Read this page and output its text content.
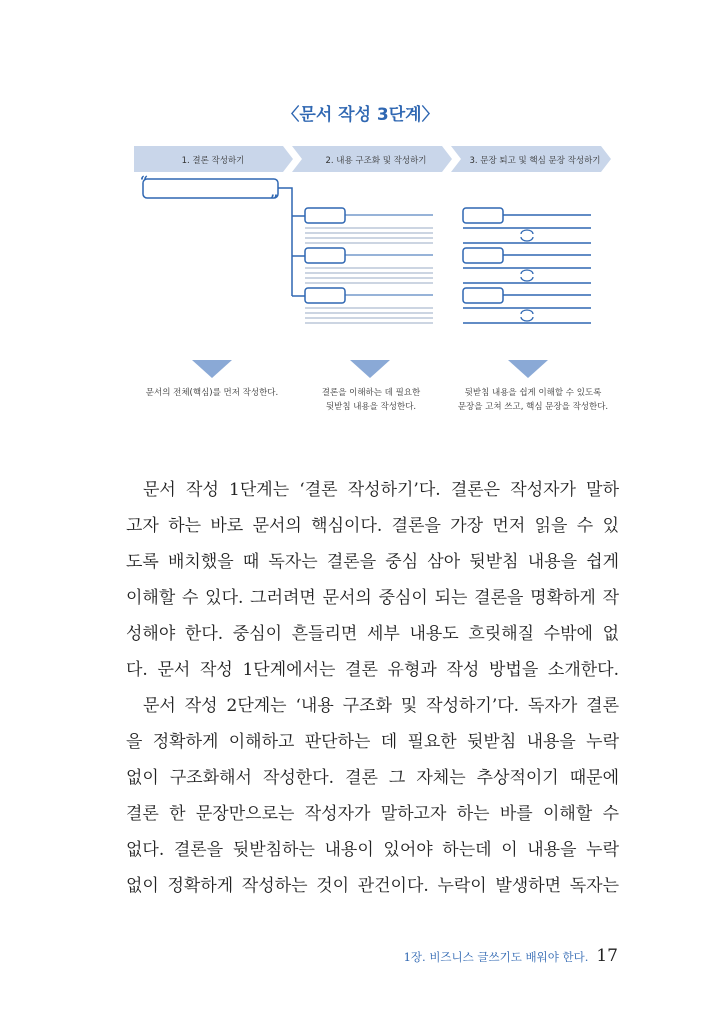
〈문서 작성 3단계〉
1. 결론 작성하기	2. 내용 구조화 및 작성하기	3. 문장 퇴고 및 핵심 문장 작성하기
“
”
문서의 전체(핵심)를 먼저 작성한다.	결론을 이해하는 데 필요한
뒷받침 내용을 작성한다.
뒷받침 내용을 쉽게 이해할 수 있도록
문장을 고쳐 쓰고, 핵심 문장을 작성한다.
문서 작성 1단계는 ‘결론 작성하기’다. 결론은 작성자가 말하
고자 하는 바로 문서의 핵심이다. 결론을 가장 먼저 읽을 수 있
도록 배치했을 때 독자는 결론을 중심 삼아 뒷받침 내용을 쉽게
이해할 수 있다. 그러려면 문서의 중심이 되는 결론을 명확하게 작
성해야 한다. 중심이 흔들리면 세부 내용도 흐릿해질 수밖에 없
다. 문서 작성 1단계에서는 결론 유형과 작성 방법을 소개한다.
문서 작성 2단계는 ‘내용 구조화 및 작성하기’다. 독자가 결론
을 정확하게 이해하고 판단하는 데 필요한 뒷받침 내용을 누락
없이 구조화해서 작성한다. 결론 그 자체는 추상적이기 때문에
결론 한 문장만으로는 작성자가 말하고자 하는 바를 이해할 수
없다. 결론을 뒷받침하는 내용이 있어야 하는데 이 내용을 누락
없이 정확하게 작성하는 것이 관건이다. 누락이 발생하면 독자는
1장. 비즈니스 글쓰기도 배워야 한다. 17
